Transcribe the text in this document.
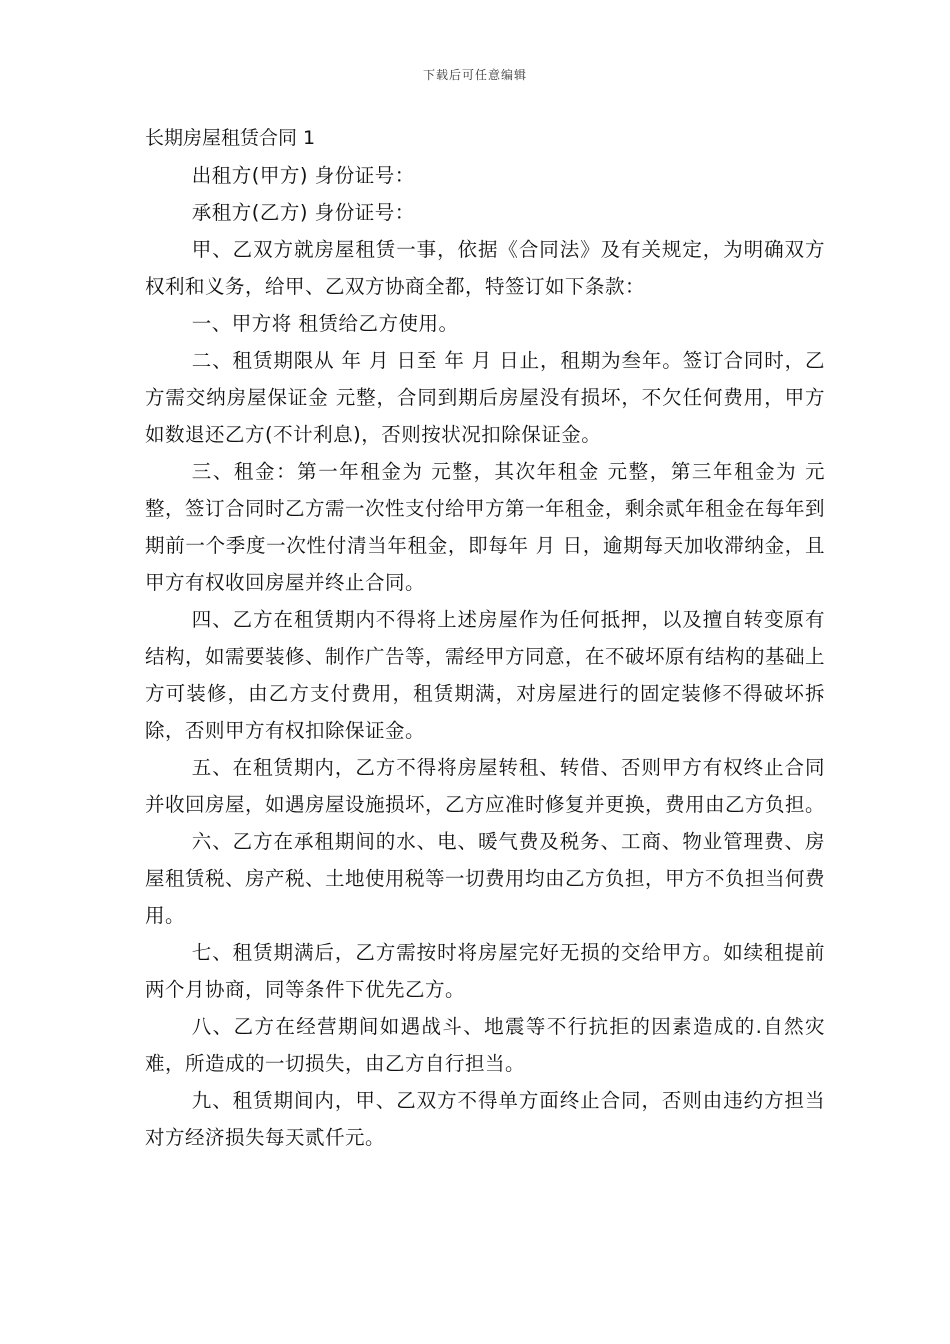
下载后可任意编辑

长期房屋租赁合同 1

出租方(甲方) 身份证号：

承租方(乙方) 身份证号：

甲、乙双方就房屋租赁一事，依据《合同法》及有关规定，为明确双方权利和义务，给甲、乙双方协商全都，特签订如下条款：

一、甲方将 租赁给乙方使用。

二、租赁期限从 年 月 日至 年 月 日止，租期为叁年。签订合同时，乙方需交纳房屋保证金 元整，合同到期后房屋没有损坏，不欠任何费用，甲方如数退还乙方(不计利息)，否则按状况扣除保证金。

三、租金：第一年租金为 元整，其次年租金 元整，第三年租金为 元整，签订合同时乙方需一次性支付给甲方第一年租金，剩余贰年租金在每年到期前一个季度一次性付清当年租金，即每年 月 日，逾期每天加收滞纳金，且甲方有权收回房屋并终止合同。

四、乙方在租赁期内不得将上述房屋作为任何抵押，以及擅自转变原有结构，如需要装修、制作广告等，需经甲方同意，在不破坏原有结构的基础上方可装修，由乙方支付费用，租赁期满，对房屋进行的固定装修不得破坏拆除，否则甲方有权扣除保证金。

五、在租赁期内，乙方不得将房屋转租、转借、否则甲方有权终止合同并收回房屋，如遇房屋设施损坏，乙方应准时修复并更换，费用由乙方负担。

六、乙方在承租期间的水、电、暖气费及税务、工商、物业管理费、房屋租赁税、房产税、土地使用税等一切费用均由乙方负担，甲方不负担当何费用。

七、租赁期满后，乙方需按时将房屋完好无损的交给甲方。如续租提前两个月协商，同等条件下优先乙方。

八、乙方在经营期间如遇战斗、地震等不行抗拒的因素造成的.自然灾难，所造成的一切损失，由乙方自行担当。

九、租赁期间内，甲、乙双方不得单方面终止合同，否则由违约方担当对方经济损失每天贰仟元。
